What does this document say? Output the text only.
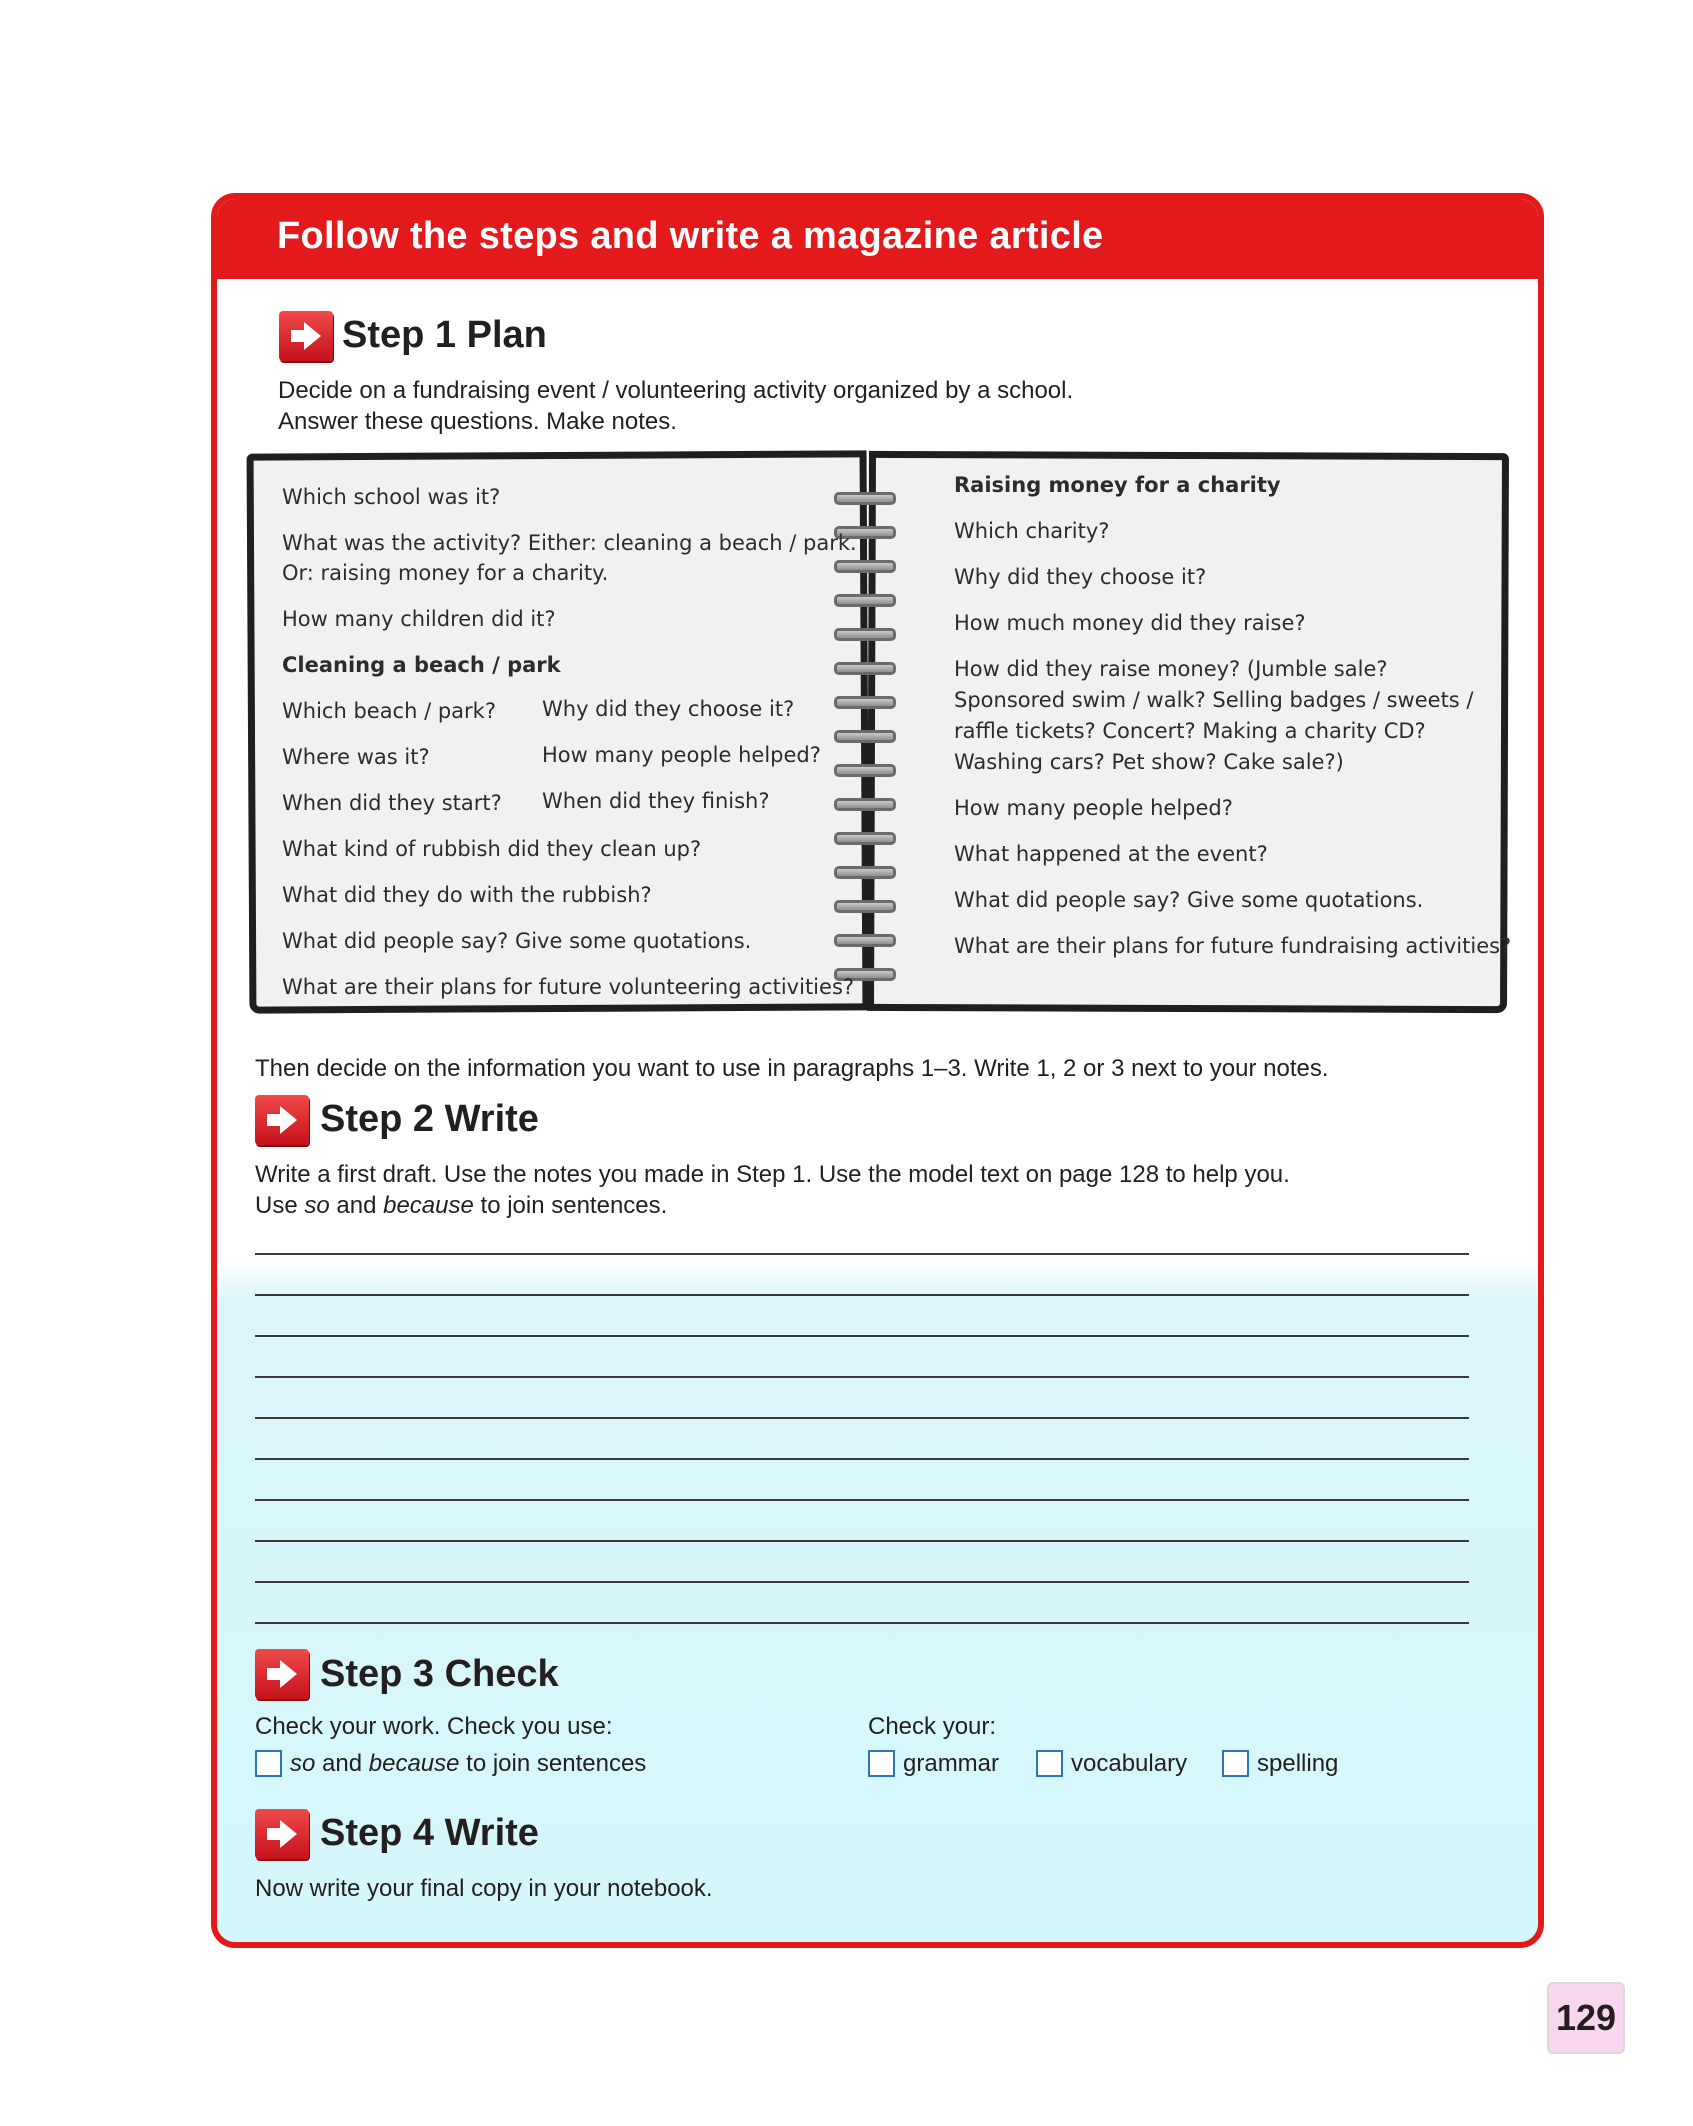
Follow the steps and write a magazine article
Step 1 Plan
Decide on a fundraising event / volunteering activity organized by a school.
Answer these questions. Make notes.
Then decide on the information you want to use in paragraphs 1–3. Write 1, 2 or 3 next to your notes.
Step 2 Write
Write a first draft. Use the notes you made in Step 1. Use the model text on page 128 to help you.
Use so and because to join sentences.
Step 3 Check
Check your work. Check you use:
so and because to join sentences
Check your:
grammar	vocabulary	spelling
Step 4 Write
Now write your final copy in your notebook.
Which school was it?
What was the activity? Either: cleaning a beach / park.
Or: raising money for a charity.
How many children did it?
Cleaning a beach / park
Which beach / park? Why did they choose it?
Where was it?	How many people helped?
When did they start? When did they finish?
What kind of rubbish did they clean up?
What did they do with the rubbish?
What did people say? Give some quotations.
What are their plans for future volunteering activities?
Raising money for a charity
Which charity?
Why did they choose it?
How much money did they raise?
How did they raise money? (Jumble sale?
Sponsored swim / walk? Selling badges / sweets /
raffle tickets? Concert? Making a charity CD?
Washing cars? Pet show? Cake sale?)
How many people helped?
What happened at the event?
What did people say? Give some quotations.
What are their plans for future fundraising activities?
129
